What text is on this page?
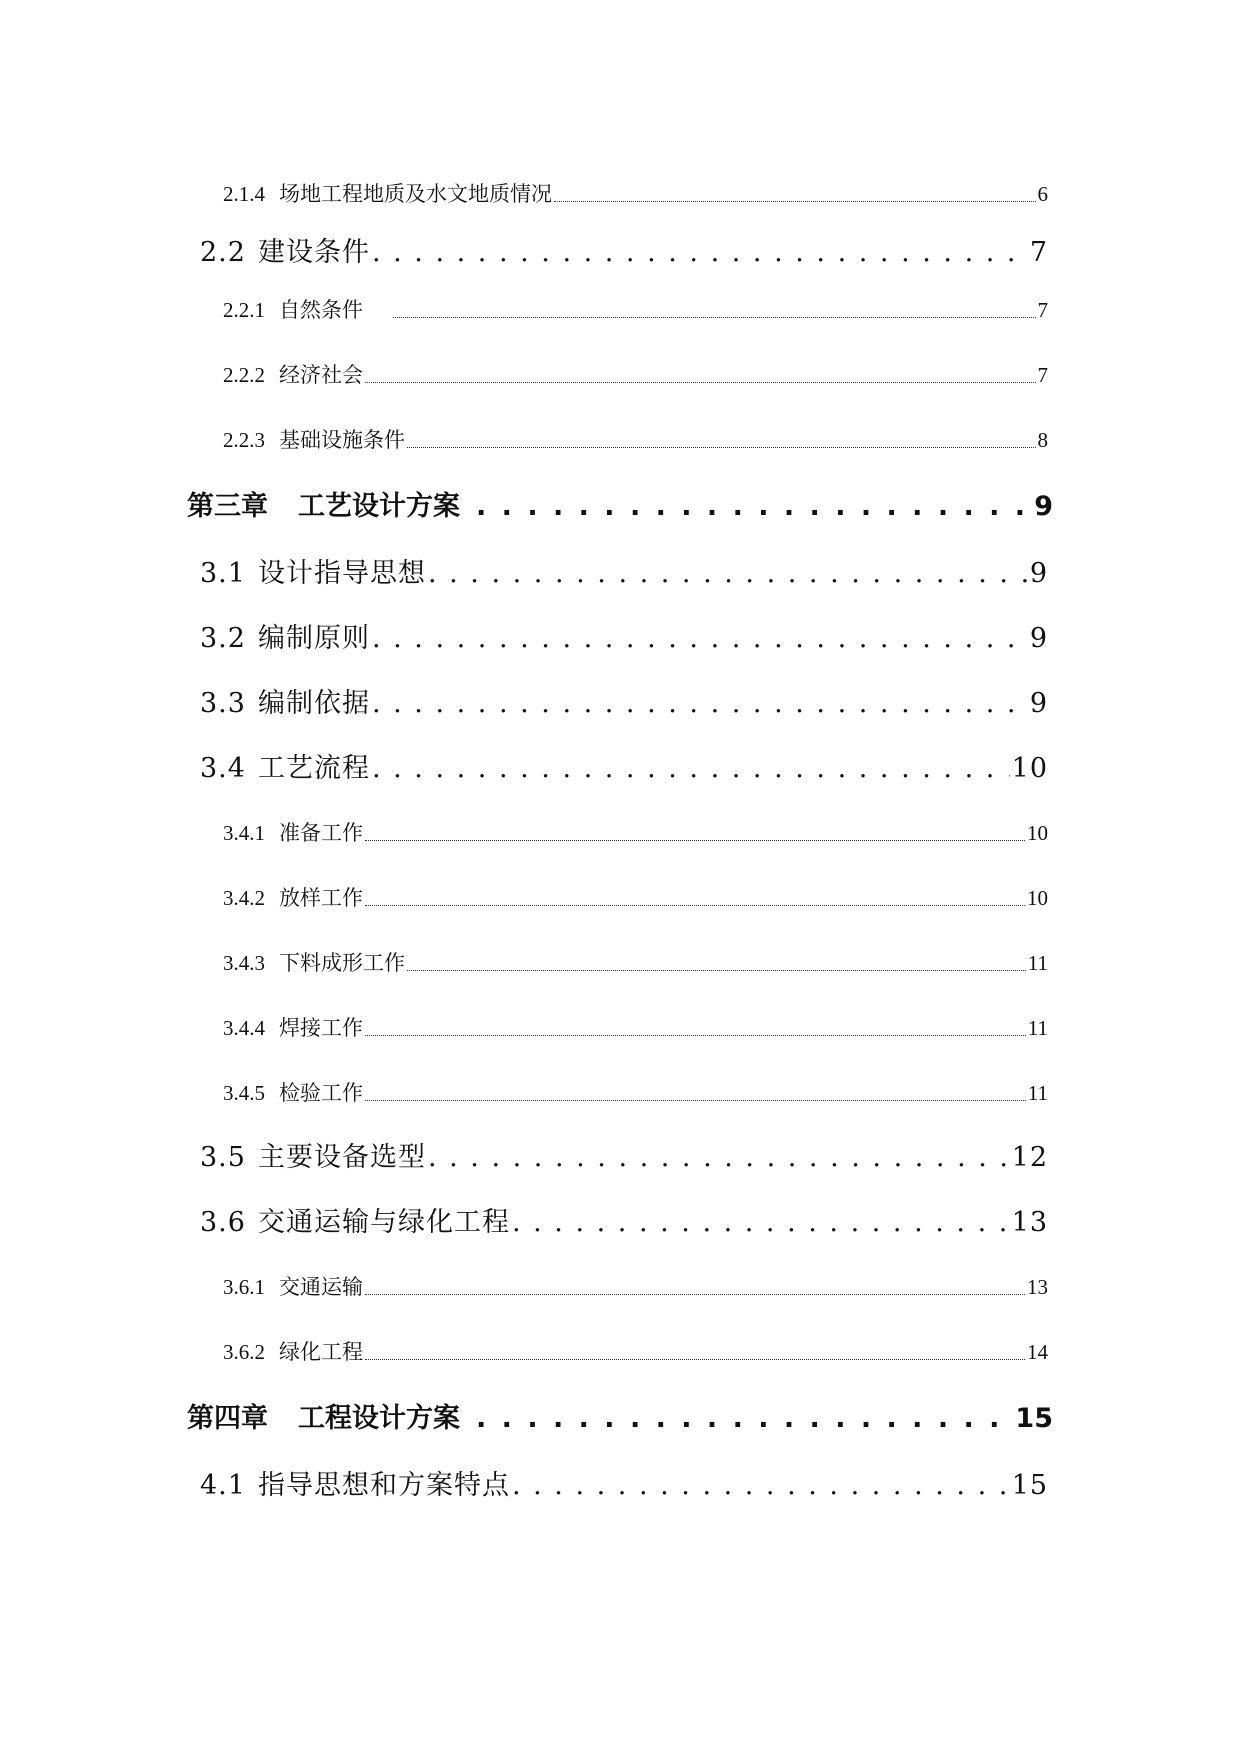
2.1.4 场地工程地质及水文地质情况	6
2.2 建设条件 . . .	7
2.2.1 自然条件	7
2.2.2 经济社会	7
2.2.3 基础设施条件	8
第三章 工艺设计方案 . . .	9
3.1 设计指导思想 . . .	9
3.2 编制原则 . . .	9
3.3 编制依据 . . .	9
3.4 工艺流程 . . .	10
3.4.1 准备工作	10
3.4.2 放样工作	10
3.4.3 下料成形工作	11
3.4.4 焊接工作	11
3.4.5 检验工作	11
3.5 主要设备选型 . . .	12
3.6 交通运输与绿化工程 . . .	13
3.6.1 交通运输	13
3.6.2 绿化工程	14
第四章 工程设计方案 . . .	15
4.1 指导思想和方案特点 . . .	15
